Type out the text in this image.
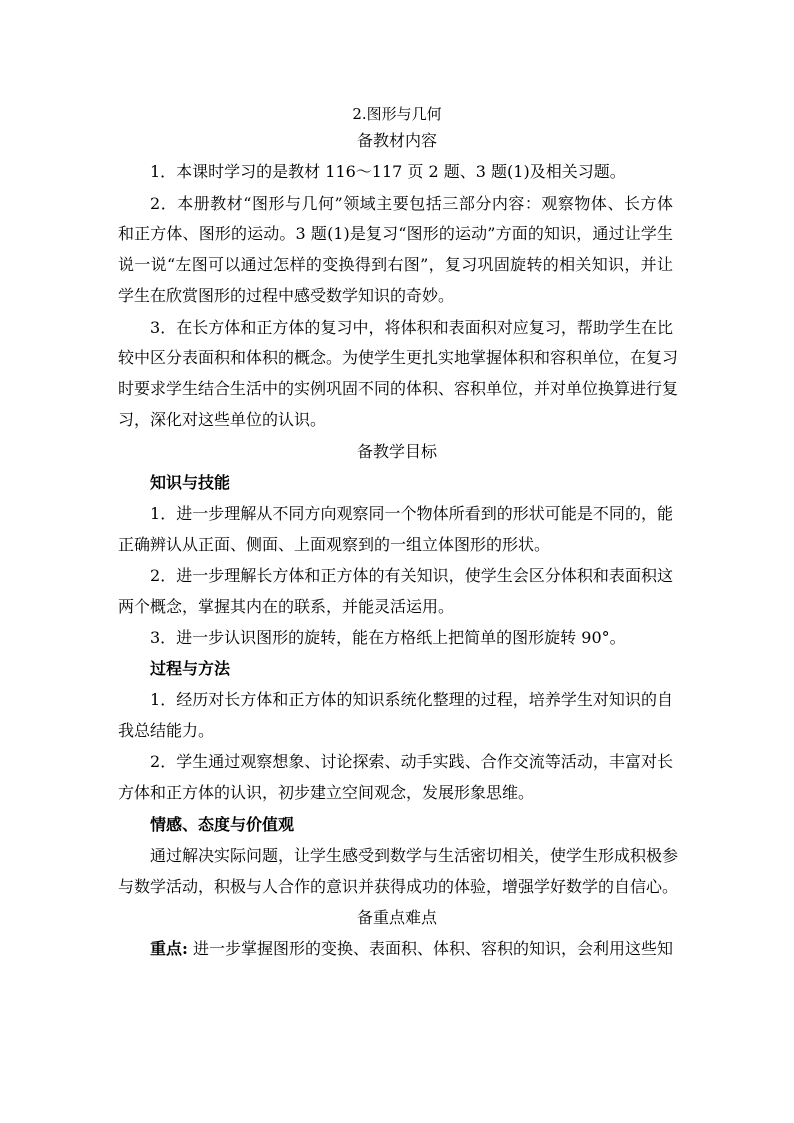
2.图形与几何
备教材内容
1．本课时学习的是教材 116～117 页 2 题、3 题(1)及相关习题。
2．本册教材“图形与几何”领域主要包括三部分内容：观察物体、长方体
和正方体、图形的运动。3 题(1)是复习“图形的运动”方面的知识，通过让学生
说一说“左图可以通过怎样的变换得到右图”，复习巩固旋转的相关知识，并让
学生在欣赏图形的过程中感受数学知识的奇妙。
3．在长方体和正方体的复习中，将体积和表面积对应复习，帮助学生在比
较中区分表面积和体积的概念。为使学生更扎实地掌握体积和容积单位，在复习
时要求学生结合生活中的实例巩固不同的体积、容积单位，并对单位换算进行复
习，深化对这些单位的认识。
备教学目标
知识与技能
1．进一步理解从不同方向观察同一个物体所看到的形状可能是不同的，能
正确辨认从正面、侧面、上面观察到的一组立体图形的形状。
2．进一步理解长方体和正方体的有关知识，使学生会区分体积和表面积这
两个概念，掌握其内在的联系，并能灵活运用。
3．进一步认识图形的旋转，能在方格纸上把简单的图形旋转 90°。
过程与方法
1．经历对长方体和正方体的知识系统化整理的过程，培养学生对知识的自
我总结能力。
2．学生通过观察想象、讨论探索、动手实践、合作交流等活动，丰富对长
方体和正方体的认识，初步建立空间观念，发展形象思维。
情感、态度与价值观
通过解决实际问题，让学生感受到数学与生活密切相关，使学生形成积极参
与数学活动，积极与人合作的意识并获得成功的体验，增强学好数学的自信心。
备重点难点
重点: 进一步掌握图形的变换、表面积、体积、容积的知识，会利用这些知
